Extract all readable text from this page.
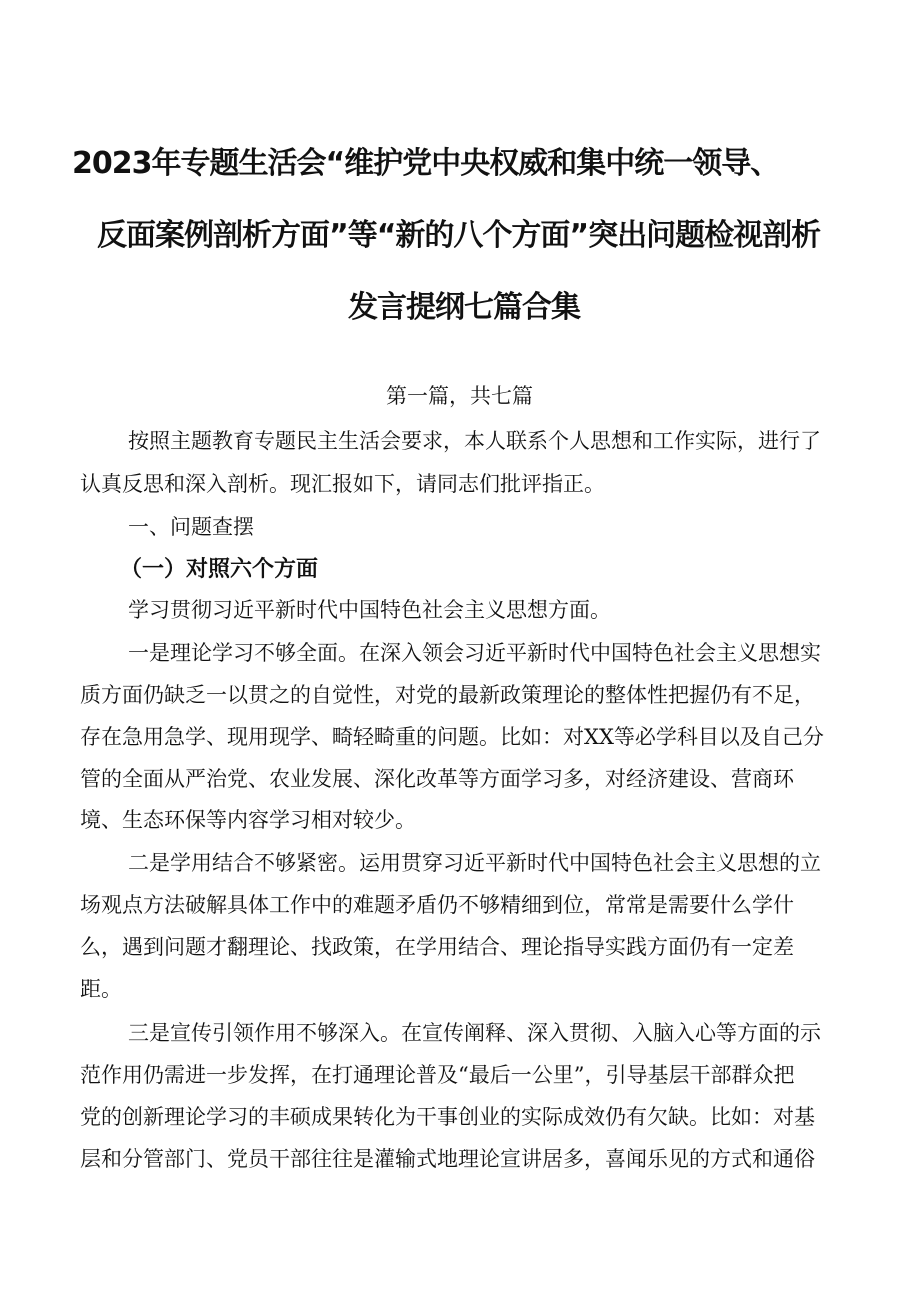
2023年专题生活会“维护党中央权威和集中统一领导、
反面案例剖析方面”等“新的八个方面”突出问题检视剖析
发言提纲七篇合集
第一篇，共七篇
按照主题教育专题民主生活会要求，本人联系个人思想和工作实际，进行了
认真反思和深入剖析。现汇报如下，请同志们批评指正。
一、问题查摆
（一）对照六个方面
学习贯彻习近平新时代中国特色社会主义思想方面。
一是理论学习不够全面。在深入领会习近平新时代中国特色社会主义思想实
质方面仍缺乏一以贯之的自觉性，对党的最新政策理论的整体性把握仍有不足，
存在急用急学、现用现学、畸轻畸重的问题。比如：对XX等必学科目以及自己分
管的全面从严治党、农业发展、深化改革等方面学习多，对经济建设、营商环
境、生态环保等内容学习相对较少。
二是学用结合不够紧密。运用贯穿习近平新时代中国特色社会主义思想的立
场观点方法破解具体工作中的难题矛盾仍不够精细到位，常常是需要什么学什
么，遇到问题才翻理论、找政策，在学用结合、理论指导实践方面仍有一定差
距。
三是宣传引领作用不够深入。在宣传阐释、深入贯彻、入脑入心等方面的示
范作用仍需进一步发挥，在打通理论普及“最后一公里”，引导基层干部群众把
党的创新理论学习的丰硕成果转化为干事创业的实际成效仍有欠缺。比如：对基
层和分管部门、党员干部往往是灌输式地理论宣讲居多，喜闻乐见的方式和通俗
